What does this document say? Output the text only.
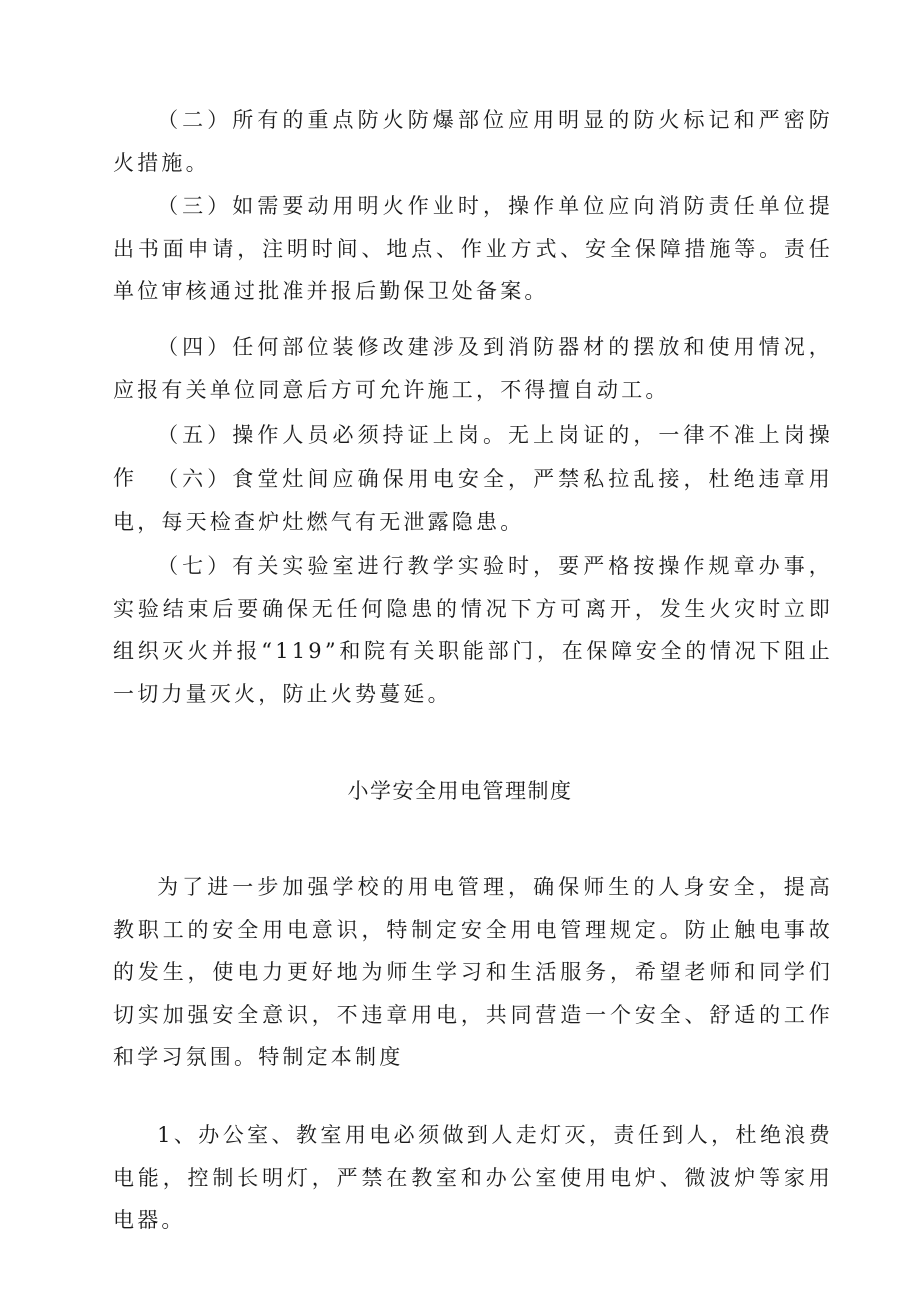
（二）所有的重点防火防爆部位应用明显的防火标记和严密防火措施。

（三）如需要动用明火作业时，操作单位应向消防责任单位提出书面申请，注明时间、地点、作业方式、安全保障措施等。责任单位审核通过批准并报后勤保卫处备案。

（四）任何部位装修改建涉及到消防器材的摆放和使用情况，应报有关单位同意后方可允许施工，不得擅自动工。

（五）操作人员必须持证上岗。无上岗证的，一律不准上岗操作 （六）食堂灶间应确保用电安全，严禁私拉乱接，杜绝违章用电，每天检查炉灶燃气有无泄露隐患。

（七）有关实验室进行教学实验时，要严格按操作规章办事，实验结束后要确保无任何隐患的情况下方可离开，发生火灾时立即组织灭火并报“119”和院有关职能部门，在保障安全的情况下阻止一切力量灭火，防止火势蔓延。

小学安全用电管理制度

为了进一步加强学校的用电管理，确保师生的人身安全，提高教职工的安全用电意识，特制定安全用电管理规定。防止触电事故的发生，使电力更好地为师生学习和生活服务，希望老师和同学们切实加强安全意识，不违章用电，共同营造一个安全、舒适的工作和学习氛围。特制定本制度

1、办公室、教室用电必须做到人走灯灭，责任到人，杜绝浪费电能，控制长明灯，严禁在教室和办公室使用电炉、微波炉等家用电器。
